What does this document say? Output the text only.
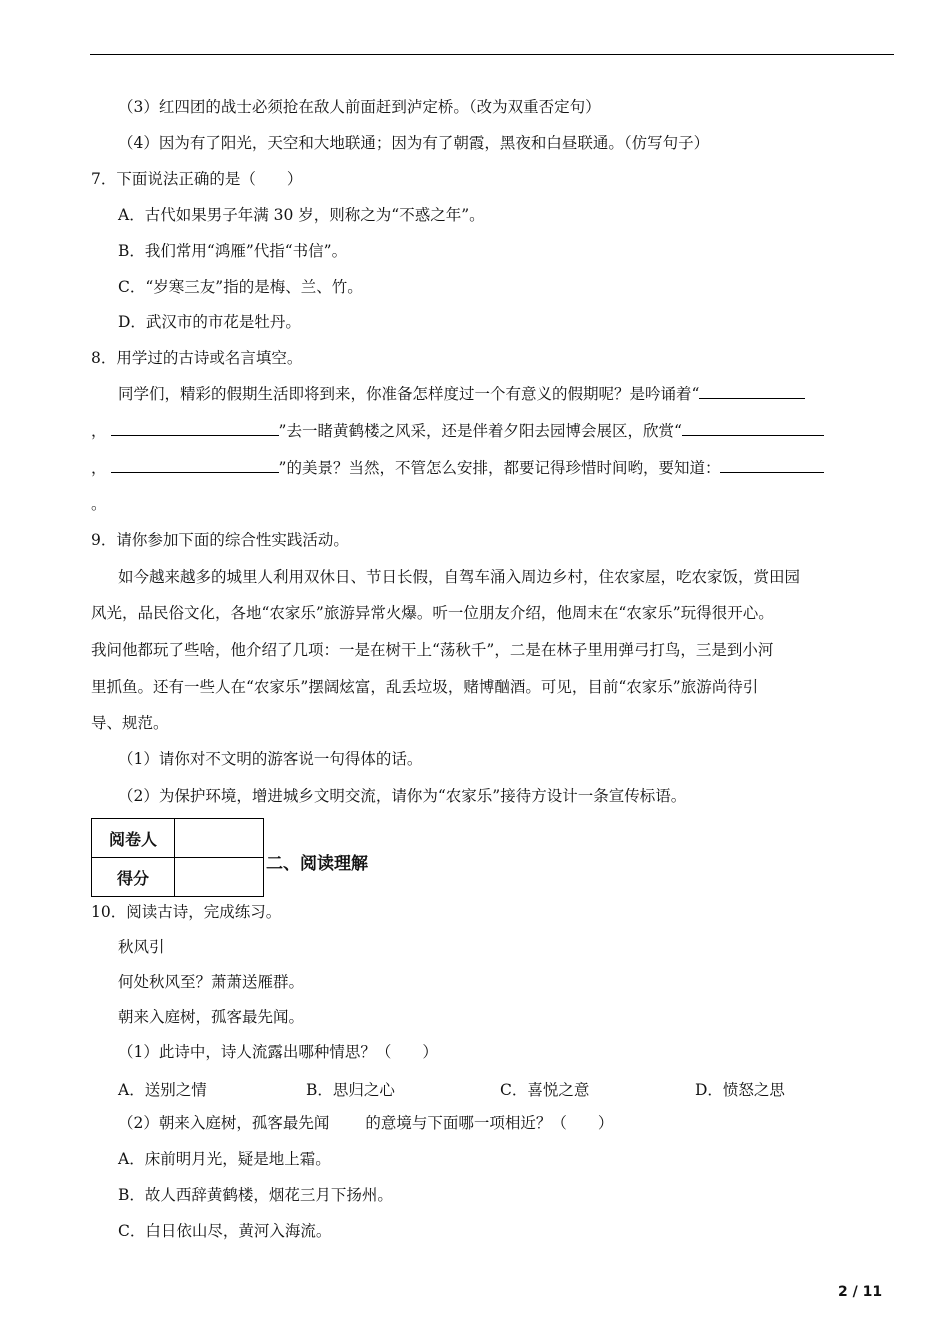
（3）红四团的战士必须抢在敌人前面赶到泸定桥。（改为双重否定句）
（4）因为有了阳光，天空和大地联通；因为有了朝霞，黑夜和白昼联通。（仿写句子）
7．下面说法正确的是（　　）
A．古代如果男子年满 30 岁，则称之为“不惑之年”。
B．我们常用“鸿雁”代指“书信”。
C．“岁寒三友”指的是梅、兰、竹。
D．武汉市的市花是牡丹。
8．用学过的古诗或名言填空。
同学们，精彩的假期生活即将到来，你准备怎样度过一个有意义的假期呢？是吟诵着“
，	”去一睹黄鹤楼之风采，还是伴着夕阳去园博会展区，欣赏“
，	”的美景？当然，不管怎么安排，都要记得珍惜时间哟，要知道：
。
9．请你参加下面的综合性实践活动。
如今越来越多的城里人利用双休日、节日长假，自驾车涌入周边乡村，住农家屋，吃农家饭，赏田园
风光，品民俗文化，各地“农家乐”旅游异常火爆。听一位朋友介绍，他周末在“农家乐”玩得很开心。
我问他都玩了些啥，他介绍了几项：一是在树干上“荡秋千”，二是在林子里用弹弓打鸟，三是到小河
里抓鱼。还有一些人在“农家乐”摆阔炫富，乱丢垃圾，赌博酗酒。可见，目前“农家乐”旅游尚待引
导、规范。
（1）请你对不文明的游客说一句得体的话。
（2）为保护环境，增进城乡文明交流，请你为“农家乐”接待方设计一条宣传标语。
阅卷人	
得分	
二、阅读理解
10．阅读古诗，完成练习。
秋风引
何处秋风至？萧萧送雁群。
朝来入庭树，孤客最先闻。
（1）此诗中，诗人流露出哪种情思？（　　）
A．送别之情	B．思归之心	C．喜悦之意	D．愤怒之思
（2）朝来入庭树，孤客最先闻 的意境与下面哪一项相近？（　　）
A．床前明月光，疑是地上霜。
B．故人西辞黄鹤楼，烟花三月下扬州。
C．白日依山尽，黄河入海流。
2 / 11
